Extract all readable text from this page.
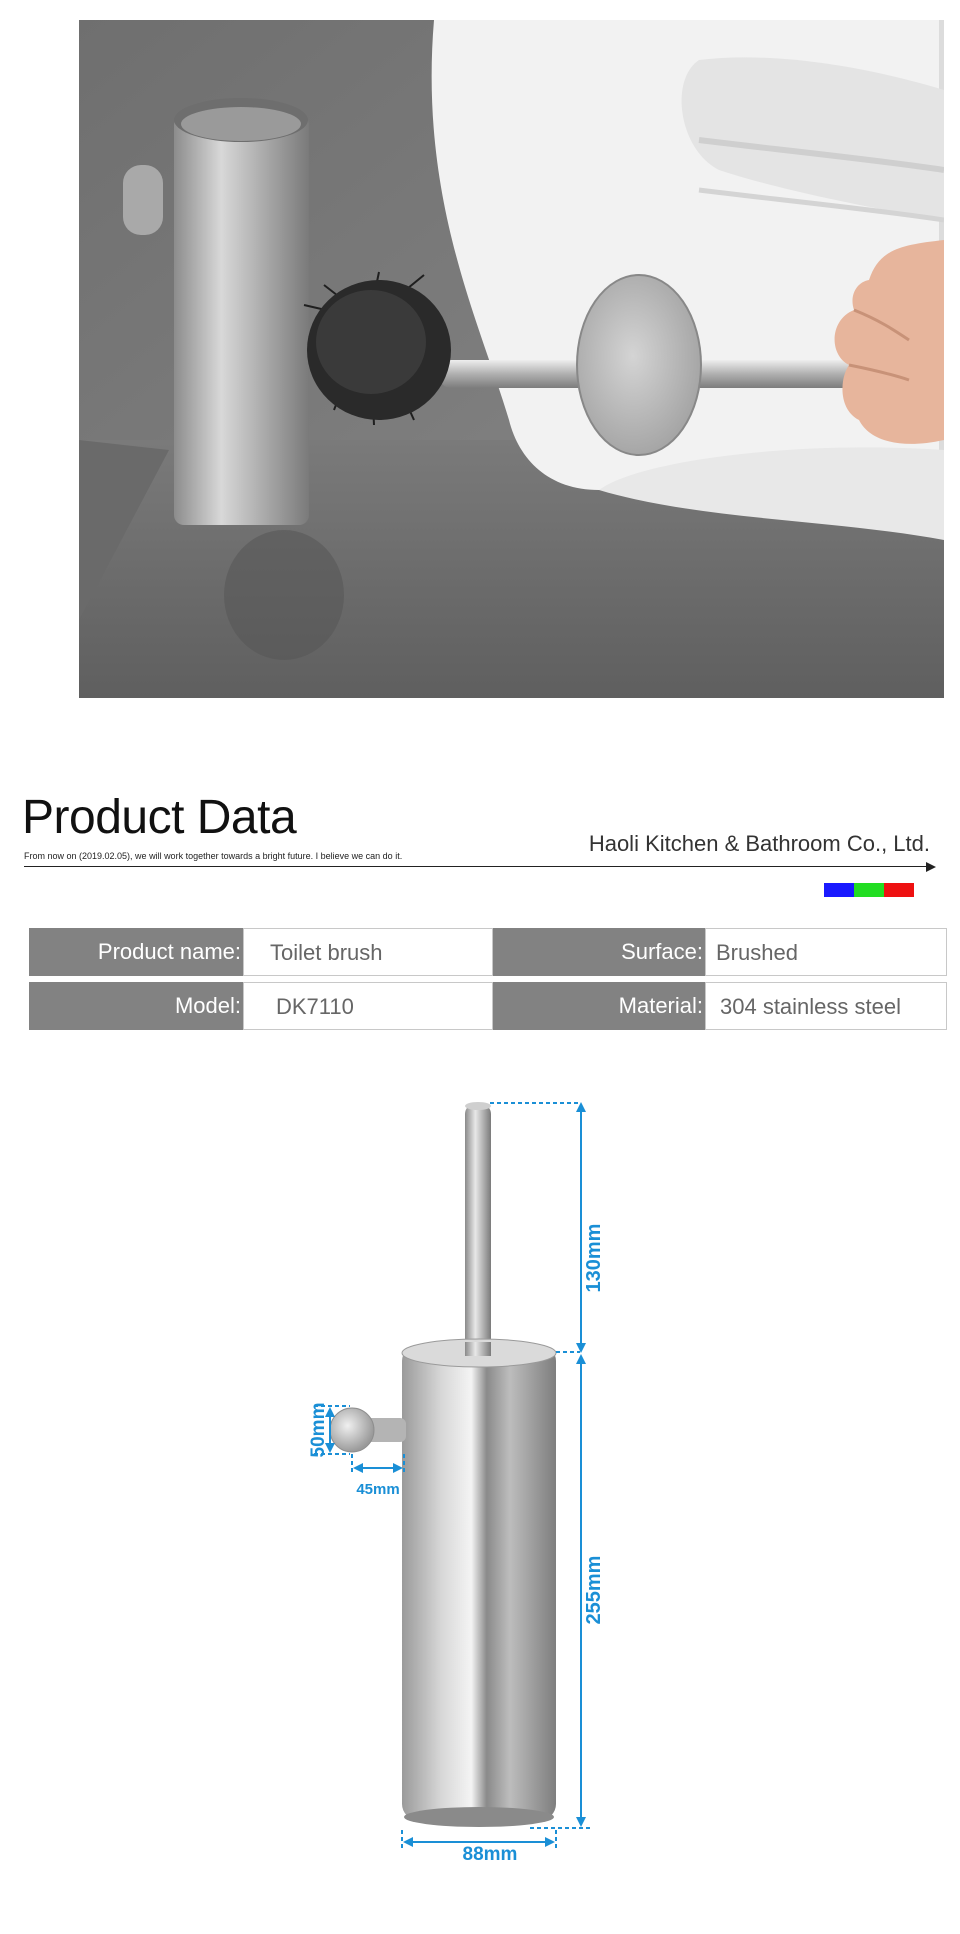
Product Data
From now on (2019.02.05), we will work together towards a bright future. I believe we can do it.	Haoli Kitchen & Bathroom Co., Ltd.
Product name:	Toilet brush	Surface: Brushed
Model:	DK7110	Material: 304 stainless steel
130mm
255mm
50mm
45mm
88mm
